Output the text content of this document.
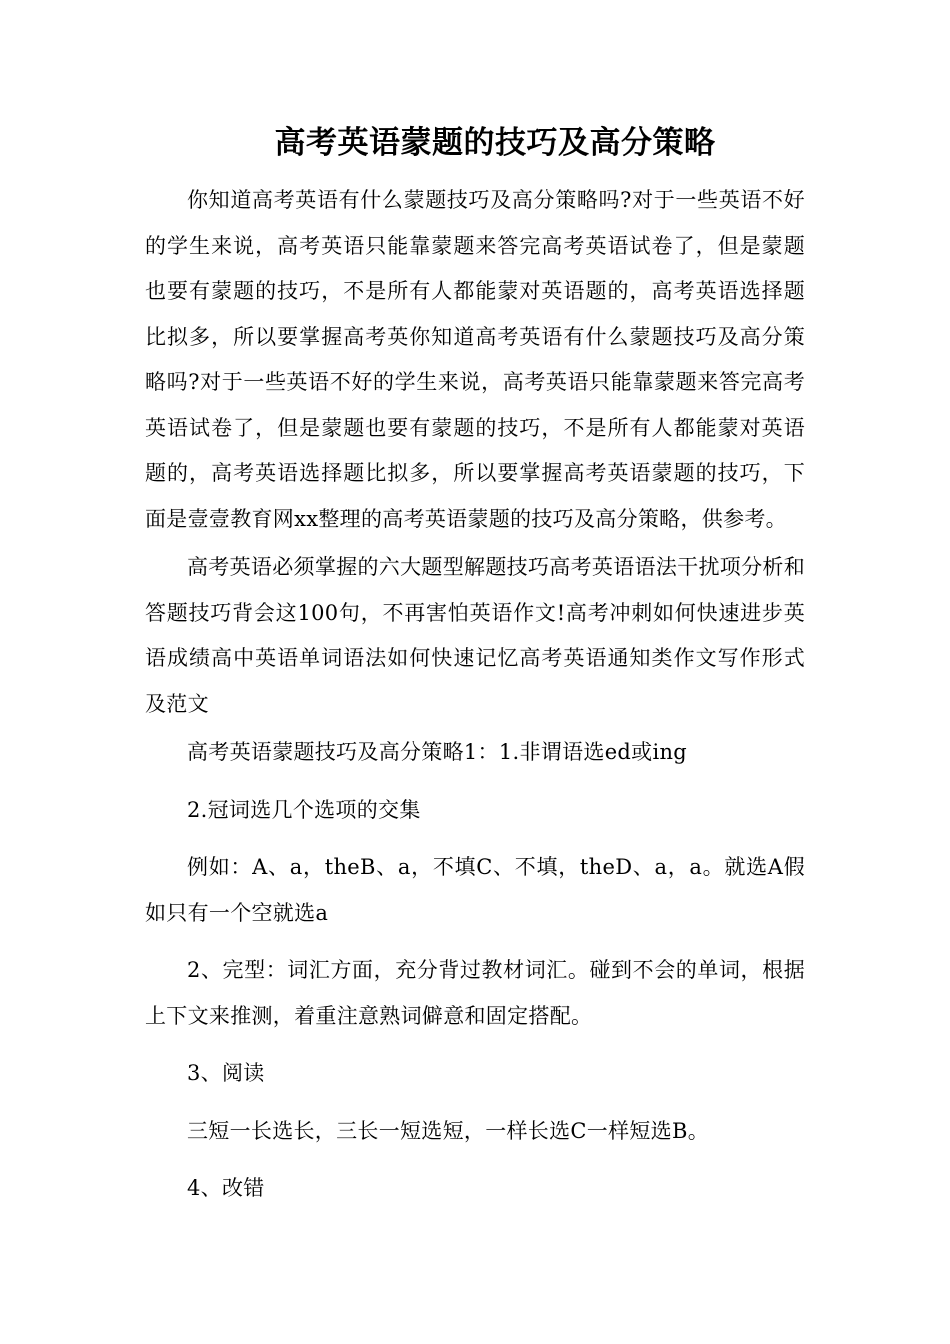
高考英语蒙题的技巧及高分策略

你知道高考英语有什么蒙题技巧及高分策略吗?对于一些英语不好的学生来说，高考英语只能靠蒙题来答完高考英语试卷了，但是蒙题也要有蒙题的技巧，不是所有人都能蒙对英语题的，高考英语选择题比拟多，所以要掌握高考英你知道高考英语有什么蒙题技巧及高分策略吗?对于一些英语不好的学生来说，高考英语只能靠蒙题来答完高考英语试卷了，但是蒙题也要有蒙题的技巧，不是所有人都能蒙对英语题的，高考英语选择题比拟多，所以要掌握高考英语蒙题的技巧，下面是壹壹教育网xx整理的高考英语蒙题的技巧及高分策略，供参考。

高考英语必须掌握的六大题型解题技巧高考英语语法干扰项分析和答题技巧背会这100句，不再害怕英语作文!高考冲刺如何快速进步英语成绩高中英语单词语法如何快速记忆高考英语通知类作文写作形式及范文

高考英语蒙题技巧及高分策略1：1.非谓语选ed或ing

2.冠词选几个选项的交集

例如：A、a，theB、a，不填C、不填，theD、a，a。就选A假如只有一个空就选a

2、完型：词汇方面，充分背过教材词汇。碰到不会的单词，根据上下文来推测，着重注意熟词僻意和固定搭配。

3、阅读

三短一长选长，三长一短选短，一样长选C一样短选B。

4、改错
